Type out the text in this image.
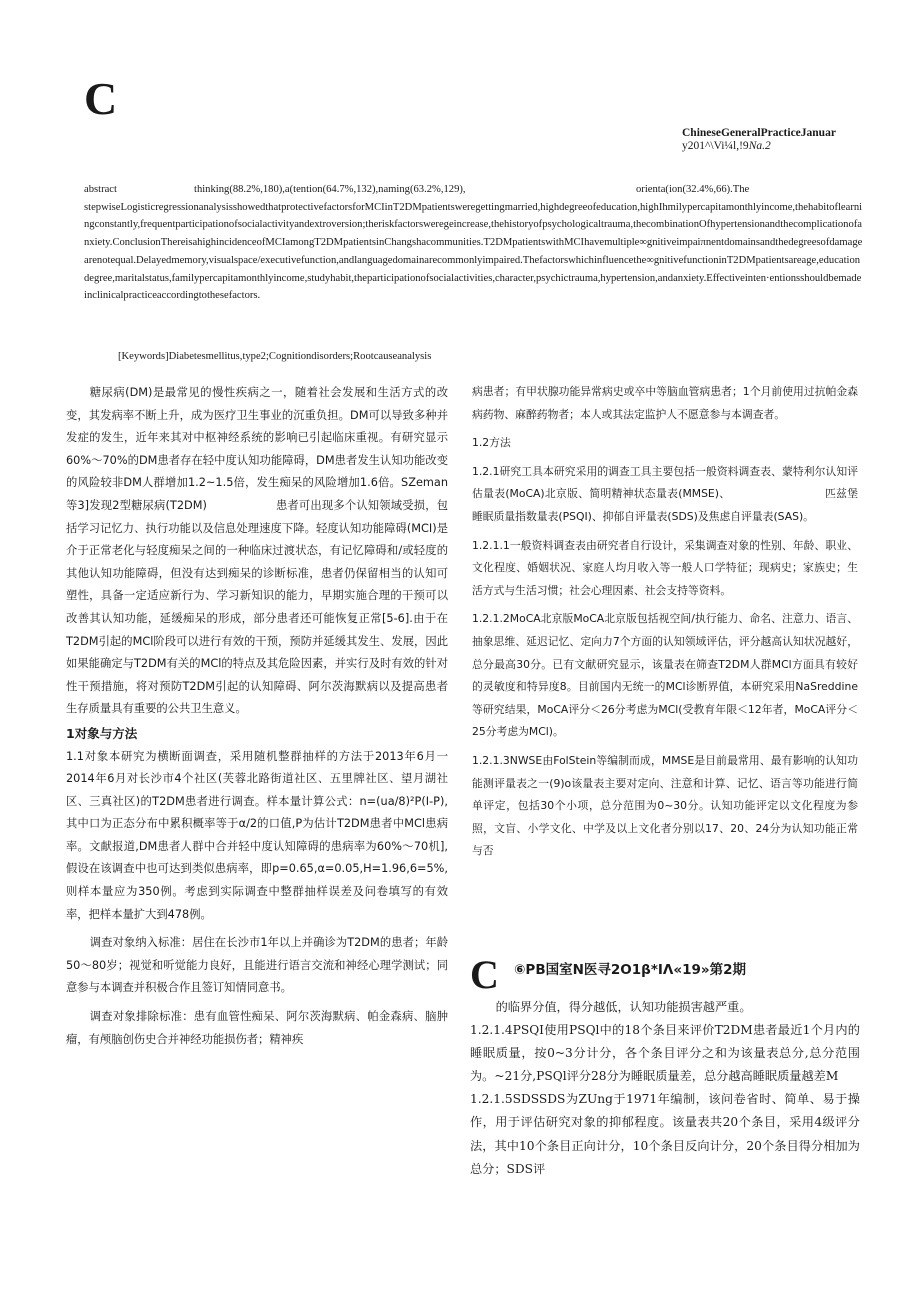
C
ChineseGeneralPracticeJanuar
y201^\Vi¼l,!9Na.2
abstract	thinking(88.2%,180),a(tention(64.7%,132),naming(63.2%,129),	orienta(ion(32.4%,66).The
stepwiseLogisticregressionanalysisshowedthatprotectivefactorsforMCIinT2DMpatientsweregettingmarried,highdegreeofeducation,highIhmilypercapitamonthlyincome,thehabitoflearningconstantly,frequentparticipationofsocialactivityandextroversion;theriskfactorsweregeincrease,thehistoryofpsychologicaltrauma,thecombinationOfhypertensionandthecomplicationofanxiety.ConclusionThereisahighincidenceofMCIamongT2DMpatientsinChangshacommunities.T2DMpatientswithMCIhavemultiple∞gnitiveimpaiπnentdomainsandthedegreesofdamagearenotequal.Delayedmemory,visualspace/executivefunction,andlanguagedomainarecommonlyimpaired.Thefactorswhichinfluencethe∞gnitivefunctioninT2DMpatientsareage,educationdegree,maritalstatus,familypercapitamonthlyincome,studyhabit,theparticipationofsocialactivities,character,psychictrauma,hypertension,andanxiety.Effectiveinten·entionsshouldbemadeinclinicalpracticeaccordingtothesefactors.
[Keywords]Diabetesmellitus,type2;Cognitiondisorders;Rootcauseanalysis

糖尿病(DM)是最常见的慢性疾病之一，随着社会发展和生活方式的改变，其发病率不断上升，成为医疗卫生事业的沉重负担。DM可以导致多种并发症的发生，近年来其对中枢神经系统的影响已引起临床重视。有研究显示60%〜70%的DM患者存在轻中度认知功能障碍，DM患者发生认知功能改变的风险较非DM人群增加1.2~1.5倍，发生痴呆的风险增加1.6倍。SZeman等3]发现2型糖尿病(T2DM)　　　　　　患者可出现多个认知领域受损，包括学习记忆力、执行功能以及信息处理速度下降。轻度认知功能障碍(MCI)是介于正常老化与轻度痴呆之间的一种临床过渡状态，有记忆障碍和/或轻度的其他认知功能障碍，但没有达到痴呆的诊断标准，患者仍保留相当的认知可塑性，具备一定适应新行为、学习新知识的能力，早期实施合理的干预可以改善其认知功能，延缓痴呆的形成，部分患者还可能恢复正常[5-6].由于在T2DM引起的MCl阶段可以进行有效的干预，预防并延缓其发生、发展，因此如果能确定与T2DM有关的MCl的特点及其危险因素，并实行及时有效的针对性干预措施，将对预防T2DM引起的认知障碍、阿尔茨海默病以及提高患者生存质量具有重要的公共卫生意义。

1对象与方法

1.1对象本研究为横断面调查，采用随机整群抽样的方法于2013年6月一2014年6月对长沙市4个社区(芙蓉北路街道社区、五里牌社区、望月湖社区、三真社区)的T2DM患者进行调查。样本量计算公式：n=(ua/8)²P(I-P),其中口为正态分布中累积概率等于α/2的口值,P为估计T2DM患者中MCl患病率。文献报道,DM患者人群中合并轻中度认知障碍的患病率为60%〜70机],假设在该调查中也可达到类似患病率，即p=0.65,α=0.05,H=1.96,6=5%,则样本量应为350例。考虑到实际调查中整群抽样误差及问卷填写的有效率，把样本量扩大到478例。

调查对象纳入标准：居住在长沙市1年以上并确诊为T2DM的患者；年龄50〜80岁；视觉和听觉能力良好，且能进行语言交流和神经心理学测试；同意参与本调查并积极合作且签订知情同意书。

调查对象排除标准：患有血管性痴呆、阿尔茨海默病、帕金森病、脑肿瘤，有颅脑创伤史合并神经功能损伤者；精神疾

病患者；有甲状腺功能异常病史或卒中等脑血管病患者；1个月前使用过抗帕金森病药物、麻醉药物者；本人或其法定监护人不愿意参与本调查者。

1.2方法

1.2.1研究工具本研究采用的调查工具主要包括一般资料调查表、蒙特利尔认知评估量表(MoCA)北京版、简明精神状态量表(MMSE)、　　　　　　　　　匹兹堡睡眠质量指数量表(PSQI)、抑郁自评量表(SDS)及焦虑自评量表(SAS)。

1.2.1.1一般资料调查表由研究者自行设计，采集调查对象的性别、年龄、职业、文化程度、婚姻状况、家庭人均月收入等一般人口学特征；现病史；家族史；生活方式与生活习惯；社会心理因素、社会支持等资料。

1.2.1.2MoCA北京版MoCA北京版包括视空间/执行能力、命名、注意力、语言、抽象思维、延迟记忆、定向力7个方面的认知领域评估，评分越高认知状况越好，总分最高30分。已有文献研究显示，该量表在筛查T2DM人群MCl方面具有较好的灵敏度和特异度8。目前国内无统一的MCl诊断界值，本研究采用NaSreddine等研究结果，MoCA评分＜26分考虑为MCl(受教育年限＜12年者，MoCA评分＜25分考虑为MCl)。

1.2.1.3NWSE由FolStein等编制而成，MMSE是目前最常用、最有影响的认知功能测评量表之一(9)o该量表主要对定向、注意和计算、记忆、语言等功能进行简单评定，包括30个小项，总分范围为0~30分。认知功能评定以文化程度为参照，文盲、小学文化、中学及以上文化者分别以17、20、24分为认知功能正常与否

C	⑥PB国室N医寻2O1β*IΛ«19»第2期

的临界分值，得分越低，认知功能损害越严重。

1.2.1.4PSQI使用PSQl中的18个条目来评价T2DM患者最近1个月内的睡眠质量，按0~3分计分，各个条目评分之和为该量表总分,总分范围为。~21分,PSQl评分28分为睡眠质量差，总分越高睡眠质量越差M

1.2.1.5SDSSDS为ZUng于1971年编制，该问卷省时、简单、易于操作，用于评估研究对象的抑郁程度。该量表共20个条目，采用4级评分法，其中10个条目正向计分，10个条目反向计分，20个条目得分相加为总分；SDS评
